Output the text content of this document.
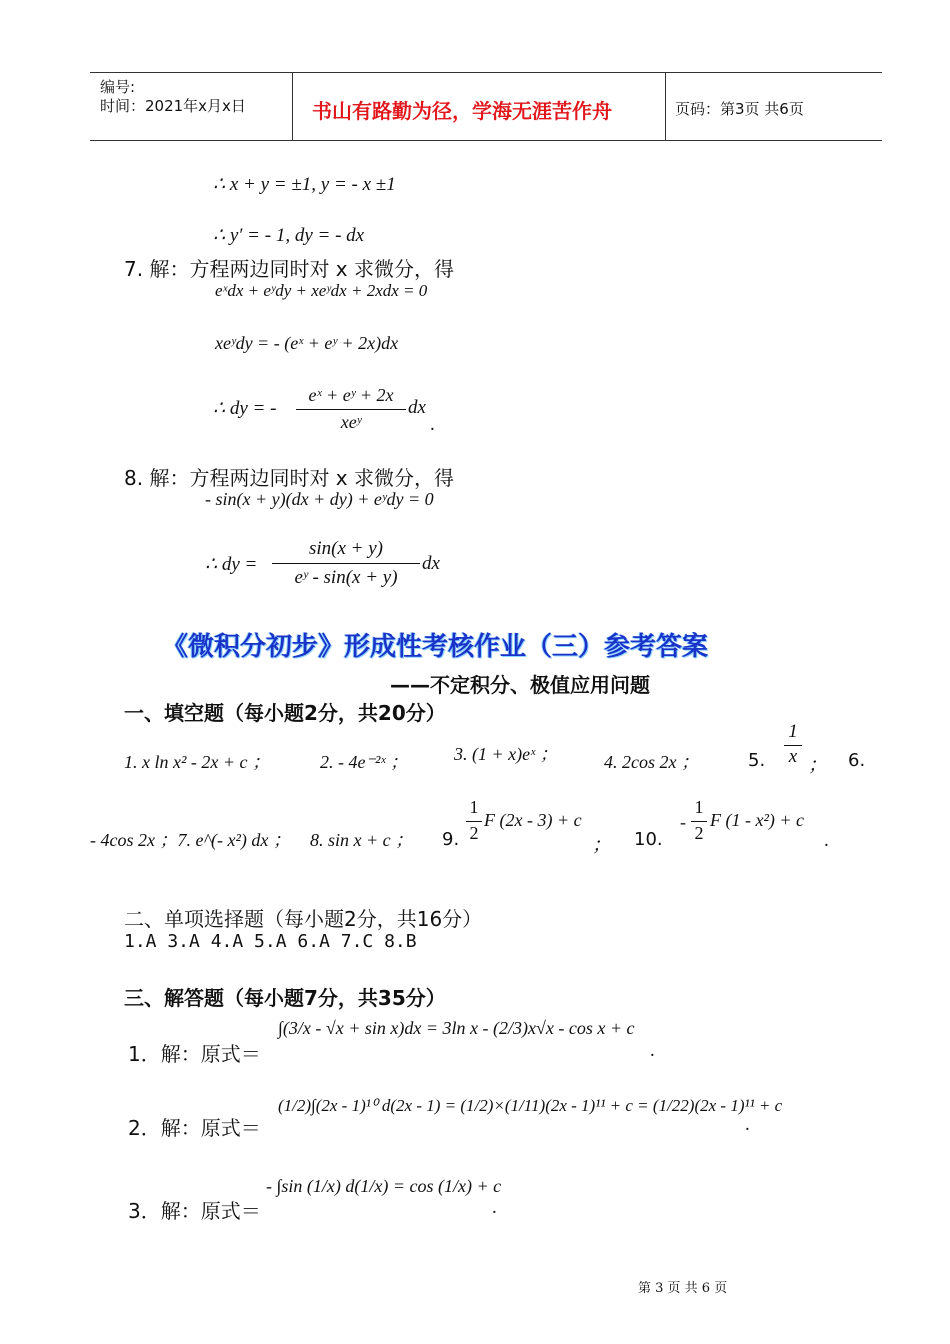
编号:
时间：2021年x月x日	书山有路勤为径，学海无涯苦作舟	页码：第3页 共6页
∴ x + y = ±1, y = - x ±1
∴ y′ = - 1, dy = - dx
7. 解：方程两边同时对 x 求微分，得
eˣdx + eʸdy + xeʸdx + 2xdx = 0
xeʸdy = - (eˣ + eʸ + 2x)dx
∴ dy = -
eˣ + eʸ + 2x
xeʸ
dx
.
8. 解：方程两边同时对 x 求微分，得
- sin(x + y)(dx + dy) + eʸdy = 0
∴ dy =
sin(x + y)
eʸ - sin(x + y)
dx
《微积分初步》形成性考核作业（三）参考答案
——不定积分、极值应用问题
一、填空题（每小题2分，共20分）
1. x ln x² - 2x + c ；	2. - 4e⁻²ˣ ；	3. (1 + x)eˣ ；	4. 2cos 2x ；	5.
1
x ； 6.
- 4cos 2x ；7. e^(- x²) dx ； 8. sin x + c ； 9.
1
2
F (2x - 3) + c
； 10.
-
1
2
F (1 - x²) + c
.
二、单项选择题（每小题2分，共16分）
1.A 3.A 4.A 5.A 6.A 7.C 8.B
三、解答题（每小题7分，共35分）
1．解：原式＝
∫(3/x - √x + sin x)dx = 3ln x - (2/3)x√x - cos x + c
.
2．解：原式＝
(1/2)∫(2x - 1)¹⁰ d(2x - 1) = (1/2)×(1/11)(2x - 1)¹¹ + c = (1/22)(2x - 1)¹¹ + c
.
3．解：原式＝
- ∫sin (1/x) d(1/x) = cos (1/x) + c
.
第 3 页 共 6 页
